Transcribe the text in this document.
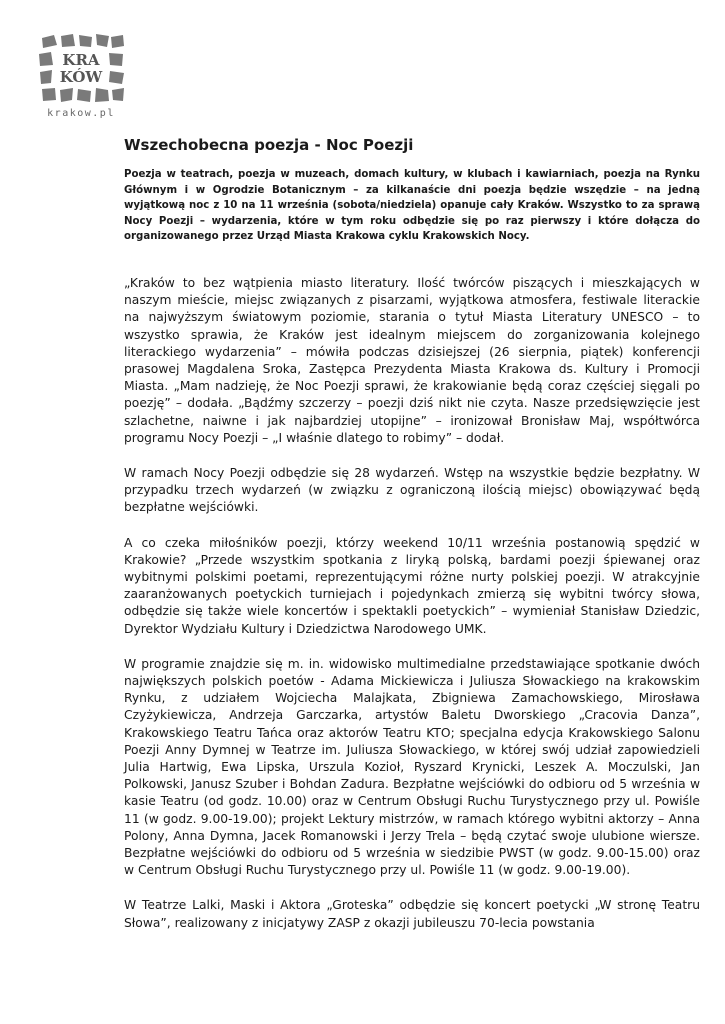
KRA
KÓW
krakow.pl
Wszechobecna poezja - Noc Poezji

Poezja w teatrach, poezja w muzeach, domach kultury, w klubach i kawiarniach, poezja na Rynku Głównym i w Ogrodzie Botanicznym – za kilkanaście dni poezja będzie wszędzie – na jedną wyjątkową noc z 10 na 11 września (sobota/niedziela) opanuje cały Kraków. Wszystko to za sprawą Nocy Poezji – wydarzenia, które w tym roku odbędzie się po raz pierwszy i które dołącza do organizowanego przez Urząd Miasta Krakowa cyklu Krakowskich Nocy.

„Kraków to bez wątpienia miasto literatury. Ilość twórców piszących i mieszkających w naszym mieście, miejsc związanych z pisarzami, wyjątkowa atmosfera, festiwale literackie na najwyższym światowym poziomie, starania o tytuł Miasta Literatury UNESCO – to wszystko sprawia, że Kraków jest idealnym miejscem do zorganizowania kolejnego literackiego wydarzenia” – mówiła podczas dzisiejszej (26 sierpnia, piątek) konferencji prasowej Magdalena Sroka, Zastępca Prezydenta Miasta Krakowa ds. Kultury i Promocji Miasta. „Mam nadzieję, że Noc Poezji sprawi, że krakowianie będą coraz częściej sięgali po poezję” – dodała. „Bądźmy szczerzy – poezji dziś nikt nie czyta. Nasze przedsięwzięcie jest szlachetne, naiwne i jak najbardziej utopijne” – ironizował Bronisław Maj, współtwórca programu Nocy Poezji – „I właśnie dlatego to robimy” – dodał.

W ramach Nocy Poezji odbędzie się 28 wydarzeń. Wstęp na wszystkie będzie bezpłatny. W przypadku trzech wydarzeń (w związku z ograniczoną ilością miejsc) obowiązywać będą bezpłatne wejściówki.

A co czeka miłośników poezji, którzy weekend 10/11 września postanowią spędzić w Krakowie? „Przede wszystkim spotkania z liryką polską, bardami poezji śpiewanej oraz wybitnymi polskimi poetami, reprezentującymi różne nurty polskiej poezji. W atrakcyjnie zaaranżowanych poetyckich turniejach i pojedynkach zmierzą się wybitni twórcy słowa, odbędzie się także wiele koncertów i spektakli poetyckich” – wymieniał Stanisław Dziedzic, Dyrektor Wydziału Kultury i Dziedzictwa Narodowego UMK.

W programie znajdzie się m. in. widowisko multimedialne przedstawiające spotkanie dwóch największych polskich poetów - Adama Mickiewicza i Juliusza Słowackiego na krakowskim Rynku, z udziałem Wojciecha Malajkata, Zbigniewa Zamachowskiego, Mirosława Czyżykiewicza, Andrzeja Garczarka, artystów Baletu Dworskiego „Cracovia Danza”, Krakowskiego Teatru Tańca oraz aktorów Teatru KTO; specjalna edycja Krakowskiego Salonu Poezji Anny Dymnej w Teatrze im. Juliusza Słowackiego, w której swój udział zapowiedzieli Julia Hartwig, Ewa Lipska, Urszula Kozioł, Ryszard Krynicki, Leszek A. Moczulski, Jan Polkowski, Janusz Szuber i Bohdan Zadura. Bezpłatne wejściówki do odbioru od 5 września w kasie Teatru (od godz. 10.00) oraz w Centrum Obsługi Ruchu Turystycznego przy ul. Powiśle 11 (w godz. 9.00-19.00); projekt Lektury mistrzów, w ramach którego wybitni aktorzy – Anna Polony, Anna Dymna, Jacek Romanowski i Jerzy Trela – będą czytać swoje ulubione wiersze. Bezpłatne wejściówki do odbioru od 5 września w siedzibie PWST (w godz. 9.00-15.00) oraz w Centrum Obsługi Ruchu Turystycznego przy ul. Powiśle 11 (w godz. 9.00-19.00).

W Teatrze Lalki, Maski i Aktora „Groteska” odbędzie się koncert poetycki „W stronę Teatru Słowa”, realizowany z inicjatywy ZASP z okazji jubileuszu 70-lecia powstania
